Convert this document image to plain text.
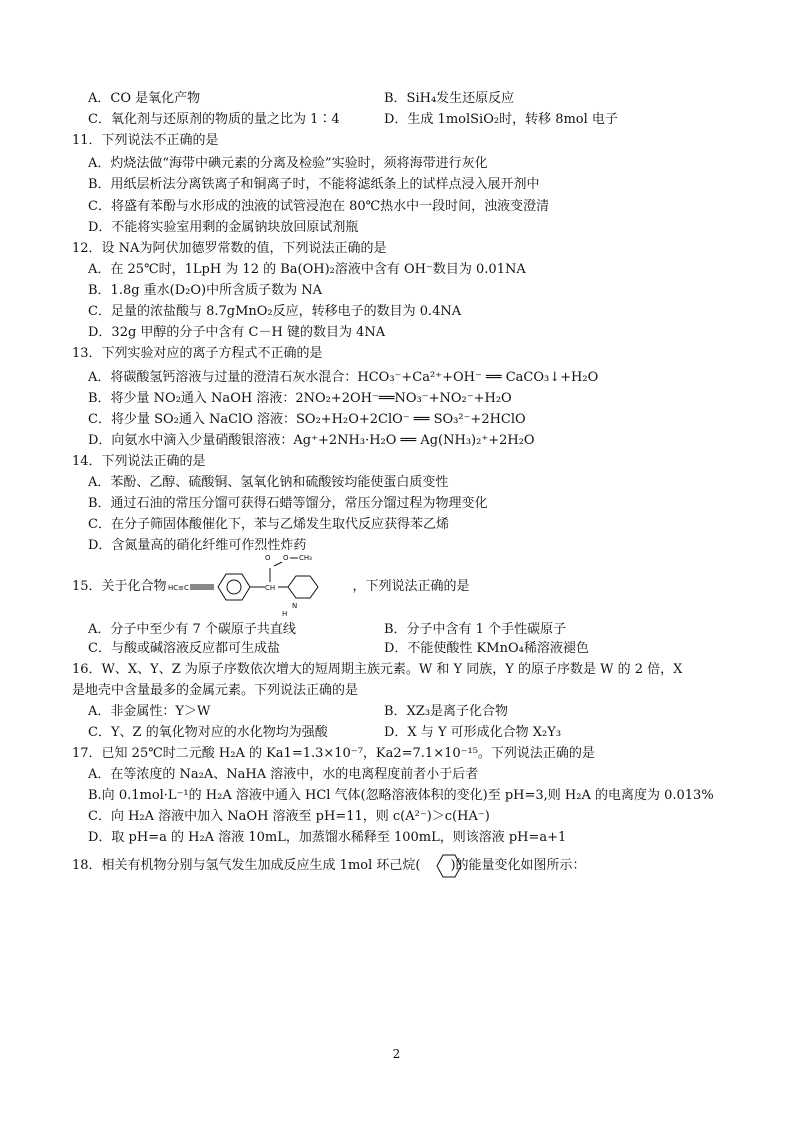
A．CO 是氧化产物	B．SiH₄发生还原反应
C．氧化剂与还原剂的物质的量之比为 1∶4	D．生成 1molSiO₂时，转移 8mol 电子
11．下列说法不正确的是
A．灼烧法做“海带中碘元素的分离及检验”实验时，须将海带进行灰化
B．用纸层析法分离铁离子和铜离子时，不能将滤纸条上的试样点浸入展开剂中
C．将盛有苯酚与水形成的浊液的试管浸泡在 80℃热水中一段时间，浊液变澄清
D．不能将实验室用剩的金属钠块放回原试剂瓶
12．设 NA为阿伏加德罗常数的值，下列说法正确的是
A．在 25℃时，1LpH 为 12 的 Ba(OH)₂溶液中含有 OH⁻数目为 0.01NA
B．1.8g 重水(D₂O)中所含质子数为 NA
C．足量的浓盐酸与 8.7gMnO₂反应，转移电子的数目为 0.4NA
D．32g 甲醇的分子中含有 C－H 键的数目为 4NA
13．下列实验对应的离子方程式不正确的是
A．将碳酸氢钙溶液与过量的澄清石灰水混合：HCO₃⁻+Ca²⁺+OH⁻ ══ CaCO₃↓+H₂O
B．将少量 NO₂通入 NaOH 溶液：2NO₂+2OH⁻══NO₃⁻+NO₂⁻+H₂O
C．将少量 SO₂通入 NaClO 溶液：SO₂+H₂O+2ClO⁻ ══ SO₃²⁻+2HClO
D．向氨水中滴入少量硝酸银溶液：Ag⁺+2NH₃·H₂O ══ Ag(NH₃)₂⁺+2H₂O
14．下列说法正确的是
A．苯酚、乙醇、硫酸铜、氢氧化钠和硫酸铵均能使蛋白质变性
B．通过石油的常压分馏可获得石蜡等馏分，常压分馏过程为物理变化
C．在分子筛固体酸催化下，苯与乙烯发生取代反应获得苯乙烯
D．含氮量高的硝化纤维可作烈性炸药
A．分子中至少有 7 个碳原子共直线	B．分子中含有 1 个手性碳原子
C．与酸或碱溶液反应都可生成盐	D．不能使酸性 KMnO₄稀溶液褪色
16．W、X、Y、Z 为原子序数依次增大的短周期主族元素。W 和 Y 同族，Y 的原子序数是 W 的 2 倍，X
是地壳中含量最多的金属元素。下列说法正确的是
A．非金属性：Y＞W	B．XZ₃是离子化合物
C．Y、Z 的氧化物对应的水化物均为强酸	D．X 与 Y 可形成化合物 X₂Y₃
17．已知 25℃时二元酸 H₂A 的 Ka1=1.3×10⁻⁷，Ka2=7.1×10⁻¹⁵。下列说法正确的是
A．在等浓度的 Na₂A、NaHA 溶液中，水的电离程度前者小于后者
B.向 0.1mol·L⁻¹的 H₂A 溶液中通入 HCl 气体(忽略溶液体积的变化)至 pH=3,则 H₂A 的电离度为 0.013%
C．向 H₂A 溶液中加入 NaOH 溶液至 pH=11，则 c(A²⁻)＞c(HA⁻)
D．取 pH=a 的 H₂A 溶液 10mL，加蒸馏水稀释至 100mL，则该溶液 pH=a+1
15．关于化合物	，下列说法正确的是
HC≡C	CH
O O CH₃
N
H
18．相关有机物分别与氢气发生加成反应生成 1mol 环己烷( )的能量变化如图所示：
2
